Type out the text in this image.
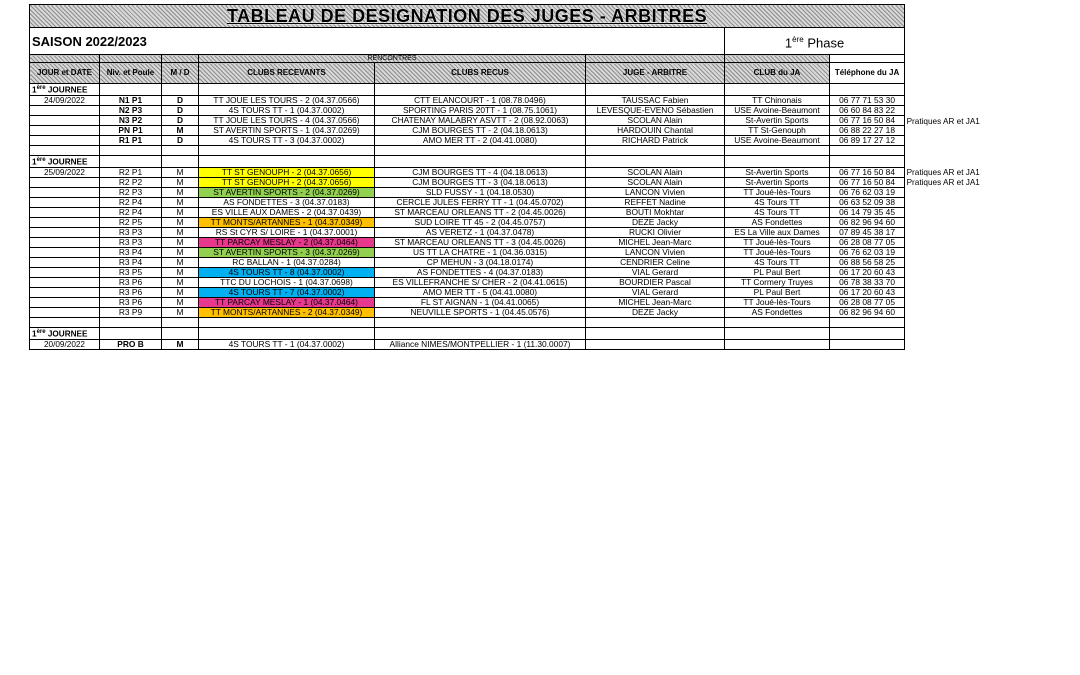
TABLEAU DE DESIGNATION DES JUGES - ARBITRES							
SAISON 2022/2023						1ère Phase	
			RENCONTRES				
JOUR et DATE	Niv. et Poule	M / D	CLUBS RECEVANTS	CLUBS RECUS	JUGE - ARBITRE	CLUB du JA	Téléphone du JA
1ère JOURNEE							
24/09/2022	N1 P1	D	TT JOUE LES TOURS - 2 (04.37.0566)	CTT ELANCOURT - 1 (08.78.0496)	TAUSSAC Fabien	TT Chinonais	06 77 71 53 30
	N2 P3	D	4S TOURS TT - 1 (04.37.0002)	SPORTING PARIS 20TT - 1 (08.75.1061)	LEVESQUE-EVENO Sébastien	USE Avoine-Beaumont	06 60 84 83 22
	N3 P2	D	TT JOUE LES TOURS - 4 (04.37.0566)	CHATENAY MALABRY ASVTT - 2 (08.92.0063)	SCOLAN Alain	St-Avertin Sports	06 77 16 50 84
	PN P1	M	ST AVERTIN SPORTS - 1 (04.37.0269)	CJM BOURGES TT - 2 (04.18.0613)	HARDOUIN Chantal	TT St-Genouph	06 88 22 27 18
	R1 P1	D	4S TOURS TT - 3 (04.37.0002)	AMO MER TT - 2 (04.41.0080)	RICHARD Patrick	USE Avoine-Beaumont	06 89 17 27 12

1ère JOURNEE							
25/09/2022	R2 P1	M	TT ST GENOUPH - 2 (04.37.0656)	CJM BOURGES TT - 4 (04.18.0613)	SCOLAN Alain	St-Avertin Sports	06 77 16 50 84
	R2 P2	M	TT ST GENOUPH - 2 (04.37.0656)	CJM BOURGES TT - 3 (04.18.0613)	SCOLAN Alain	St-Avertin Sports	06 77 16 50 84
	R2 P3	M	ST AVERTIN SPORTS - 2 (04.37.0269)	SLD FUSSY - 1 (04.18.0530)	LANCON Vivien	TT Joué-lès-Tours	06 76 62 03 19
	R2 P4	M	AS FONDETTES - 3 (04.37.0183)	CERCLE JULES FERRY TT - 1 (04.45.0702)	REFFET Nadine	4S Tours TT	06 63 52 09 38
	R2 P4	M	ES VILLE AUX DAMES - 2 (04.37.0439)	ST MARCEAU ORLEANS TT - 2 (04.45.0026)	BOUTI Mokhtar	4S Tours TT	06 14 79 35 45
	R2 P5	M	TT MONTS/ARTANNES - 1 (04.37.0349)	SUD LOIRE TT 45 - 2 (04.45.0757)	DEZE Jacky	AS Fondettes	06 82 96 94 60
	R3 P3	M	RS St CYR S/ LOIRE - 1 (04.37.0001)	AS VERETZ - 1 (04.37.0478)	RUCKI Olivier	ES La Ville aux Dames	07 89 45 38 17
	R3 P3	M	TT PARCAY MESLAY - 2 (04.37.0464)	ST MARCEAU ORLEANS TT - 3 (04.45.0026)	MICHEL Jean-Marc	TT Joué-lès-Tours	06 28 08 77 05
	R3 P4	M	ST AVERTIN SPORTS - 3 (04.37.0269)	US TT LA CHATRE - 1 (04.36.0315)	LANCON Vivien	TT Joué-lès-Tours	06 76 62 03 19
	R3 P4	M	RC BALLAN - 1 (04.37.0284)	CP MEHUN - 3 (04.18.0174)	CENDRIER Celine	4S Tours TT	06 88 56 58 25
	R3 P5	M	4S TOURS TT - 8 (04.37.0002)	AS FONDETTES - 4 (04.37.0183)	VIAL Gerard	PL Paul Bert	06 17 20 60 43
	R3 P6	M	TTC DU LOCHOIS - 1 (04.37.0698)	ES VILLEFRANCHE S/ CHER - 2 (04.41.0615)	BOURDIER Pascal	TT Cormery Truyes	06 78 38 33 70
	R3 P6	M	4S TOURS TT - 7 (04.37.0002)	AMO MER TT - 5 (04.41.0080)	VIAL Gerard	PL Paul Bert	06 17 20 60 43
	R3 P6	M	TT PARCAY MESLAY - 1 (04.37.0464)	FL ST AIGNAN - 1 (04.41.0065)	MICHEL Jean-Marc	TT Joué-lès-Tours	06 28 08 77 05
	R3 P9	M	TT MONTS/ARTANNES - 2 (04.37.0349)	NEUVILLE SPORTS - 1 (04.45.0576)	DEZE Jacky	AS Fondettes	06 82 96 94 60

1ère JOURNEE							
20/09/2022	PRO B	M	4S TOURS TT - 1 (04.37.0002)	Alliance NIMES/MONTPELLIER - 1 (11.30.0007)			
Pratiques AR et JA1
Pratiques AR et JA1
Pratiques AR et JA1
